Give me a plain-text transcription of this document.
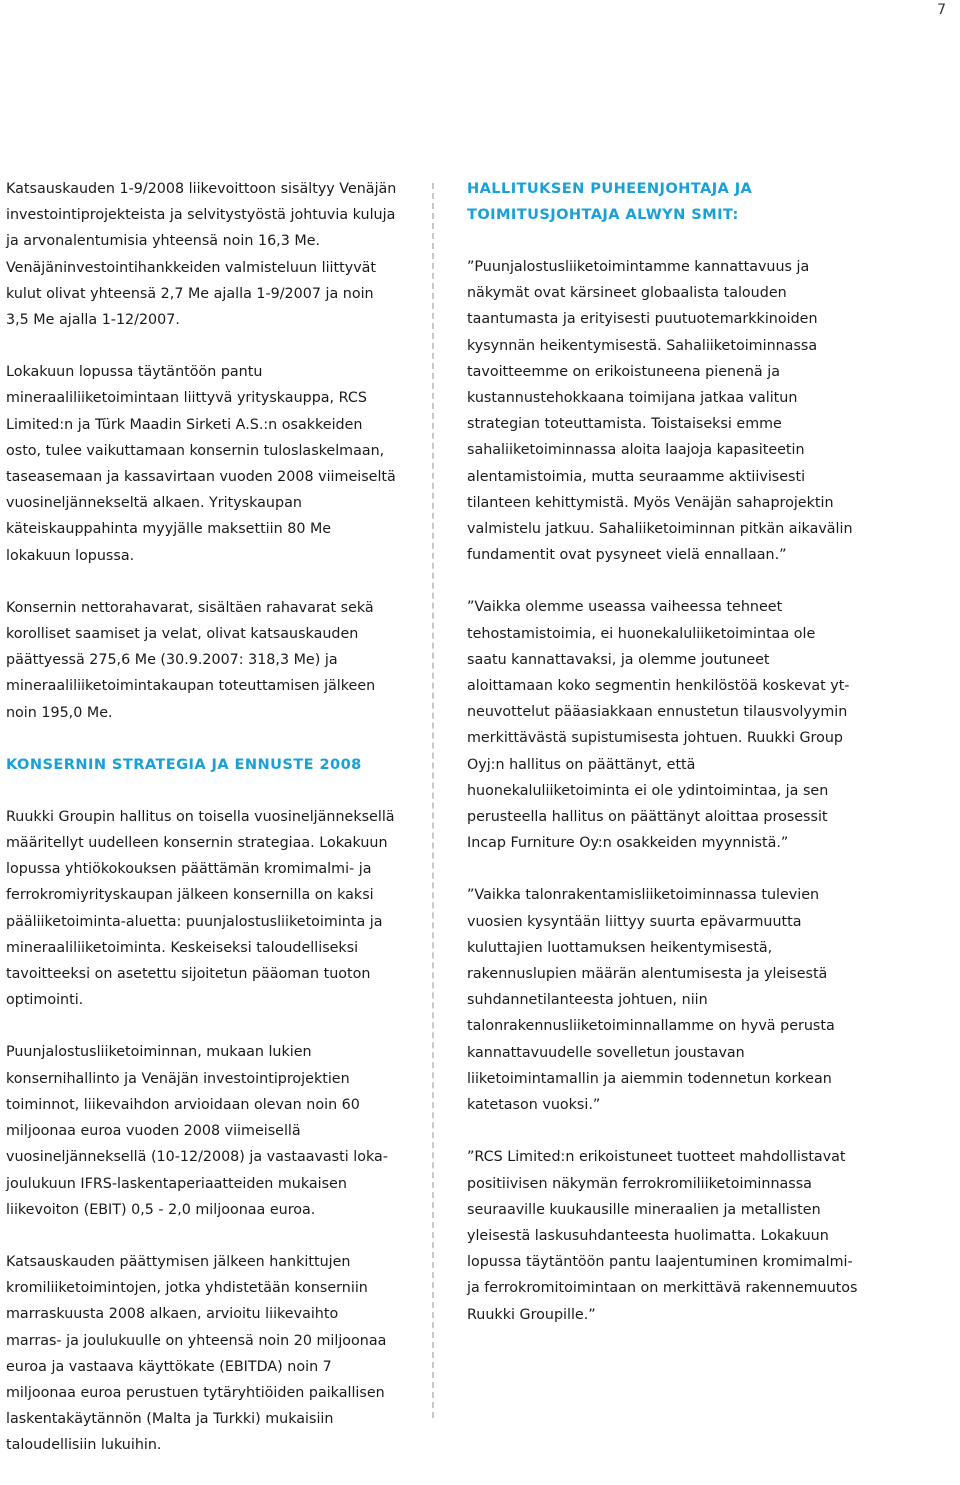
7

Katsauskauden 1-9/2008 liikevoittoon sisältyy Venäjän investointiprojekteista ja selvitystyöstä johtuvia kuluja ja arvonalentumisia yhteensä noin 16,3 Me. Venäjäninvestointihankkeiden valmisteluun liittyvät kulut olivat yhteensä 2,7 Me ajalla 1-9/2007 ja noin 3,5 Me ajalla 1-12/2007.

Lokakuun lopussa täytäntöön pantu mineraaliliiketoimintaan liittyvä yrityskauppa, RCS Limited:n ja Türk Maadin Sirketi A.S.:n osakkeiden osto, tulee vaikuttamaan konsernin tuloslaskelmaan, taseasemaan ja kassavirtaan vuoden 2008 viimeiseltä vuosineljännekseltä alkaen. Yrityskaupan käteiskauppahinta myyjälle maksettiin 80 Me lokakuun lopussa.

Konsernin nettorahavarat, sisältäen rahavarat sekä korolliset saamiset ja velat, olivat katsauskauden päättyessä 275,6 Me (30.9.2007: 318,3 Me) ja mineraaliliiketoimintakaupan toteuttamisen jälkeen noin 195,0 Me.

KONSERNIN STRATEGIA JA ENNUSTE 2008

Ruukki Groupin hallitus on toisella vuosineljänneksellä määritellyt uudelleen konsernin strategiaa. Lokakuun lopussa yhtiökokouksen päättämän kromimalmi- ja ferrokromiyrityskaupan jälkeen konsernilla on kaksi pääliiketoiminta-aluetta: puunjalostusliiketoiminta ja mineraaliliiketoiminta. Keskeiseksi taloudelliseksi tavoitteeksi on asetettu sijoitetun pääoman tuoton optimointi.

Puunjalostusliiketoiminnan, mukaan lukien konsernihallinto ja Venäjän investointiprojektien toiminnot, liikevaihdon arvioidaan olevan noin 60 miljoonaa euroa vuoden 2008 viimeisellä vuosineljänneksellä (10-12/2008) ja vastaavasti loka-joulukuun IFRS-laskentaperiaatteiden mukaisen liikevoiton (EBIT) 0,5 - 2,0 miljoonaa euroa.

Katsauskauden päättymisen jälkeen hankittujen kromiliiketoimintojen, jotka yhdistetään konserniin marraskuusta 2008 alkaen, arvioitu liikevaihto marras- ja joulukuulle on yhteensä noin 20 miljoonaa euroa ja vastaava käyttökate (EBITDA) noin 7 miljoonaa euroa perustuen tytäryhtiöiden paikallisen laskentakäytännön (Malta ja Turkki) mukaisiin taloudellisiin lukuihin.

HALLITUKSEN PUHEENJOHTAJA JA TOIMITUSJOHTAJA ALWYN SMIT:

”Puunjalostusliiketoimintamme kannattavuus ja näkymät ovat kärsineet globaalista talouden taantumasta ja erityisesti puutuotemarkkinoiden kysynnän heikentymisestä. Sahaliiketoiminnassa tavoitteemme on erikoistuneena pienenä ja kustannustehokkaana toimijana jatkaa valitun strategian toteuttamista. Toistaiseksi emme sahaliiketoiminnassa aloita laajoja kapasiteetin alentamistoimia, mutta seuraamme aktiivisesti tilanteen kehittymistä. Myös Venäjän sahaprojektin valmistelu jatkuu. Sahaliiketoiminnan pitkän aikavälin fundamentit ovat pysyneet vielä ennallaan.”

”Vaikka olemme useassa vaiheessa tehneet tehostamistoimia, ei huonekaluliiketoimintaa ole saatu kannattavaksi, ja olemme joutuneet aloittamaan koko segmentin henkilöstöä koskevat yt-neuvottelut pääasiakkaan ennustetun tilausvolyymin merkittävästä supistumisesta johtuen. Ruukki Group Oyj:n hallitus on päättänyt, että huonekaluliiketoiminta ei ole ydintoimintaa, ja sen perusteella hallitus on päättänyt aloittaa prosessit Incap Furniture Oy:n osakkeiden myynnistä.”

”Vaikka talonrakentamisliiketoiminnassa tulevien vuosien kysyntään liittyy suurta epävarmuutta kuluttajien luottamuksen heikentymisestä, rakennuslupien määrän alentumisesta ja yleisestä suhdannetilanteesta johtuen, niin talonrakennusliiketoiminnallamme on hyvä perusta kannattavuudelle sovelletun joustavan liiketoimintamallin ja aiemmin todennetun korkean katetason vuoksi.”

”RCS Limited:n erikoistuneet tuotteet mahdollistavat positiivisen näkymän ferrokromiliiketoiminnassa seuraaville kuukausille mineraalien ja metallisten yleisestä laskusuhdanteesta huolimatta. Lokakuun lopussa täytäntöön pantu laajentuminen kromimalmi- ja ferrokromitoimintaan on merkittävä rakennemuutos Ruukki Groupille.”
